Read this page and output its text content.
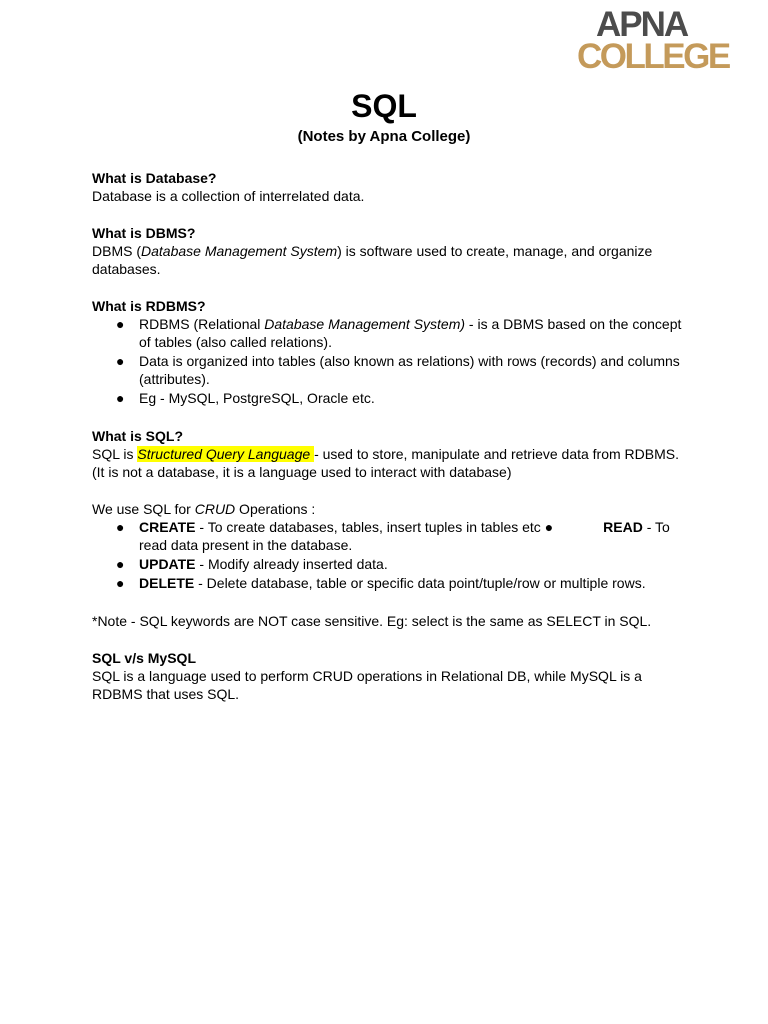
APNA
COLLEGE
SQL
(Notes by Apna College)

What is Database?

Database is a collection of interrelated data.

What is DBMS?

DBMS (Database Management System) is software used to create, manage, and organize databases.

What is RDBMS?

● RDBMS (Relational Database Management System) - is a DBMS based on the concept of tables (also called relations).
● Data is organized into tables (also known as relations) with rows (records) and columns (attributes).
● Eg - MySQL, PostgreSQL, Oracle etc.

What is SQL?

SQL is Structured Query Language - used to store, manipulate and retrieve data from RDBMS.

(It is not a database, it is a language used to interact with database)

We use SQL for CRUD Operations :

● CREATE - To create databases, tables, insert tuples in tables etc ●	READ - To read data present in the database.
● UPDATE - Modify already inserted data.
● DELETE - Delete database, table or specific data point/tuple/row or multiple rows.

*Note - SQL keywords are NOT case sensitive. Eg: select is the same as SELECT in SQL.

SQL v/s MySQL

SQL is a language used to perform CRUD operations in Relational DB, while MySQL is a RDBMS that uses SQL.
